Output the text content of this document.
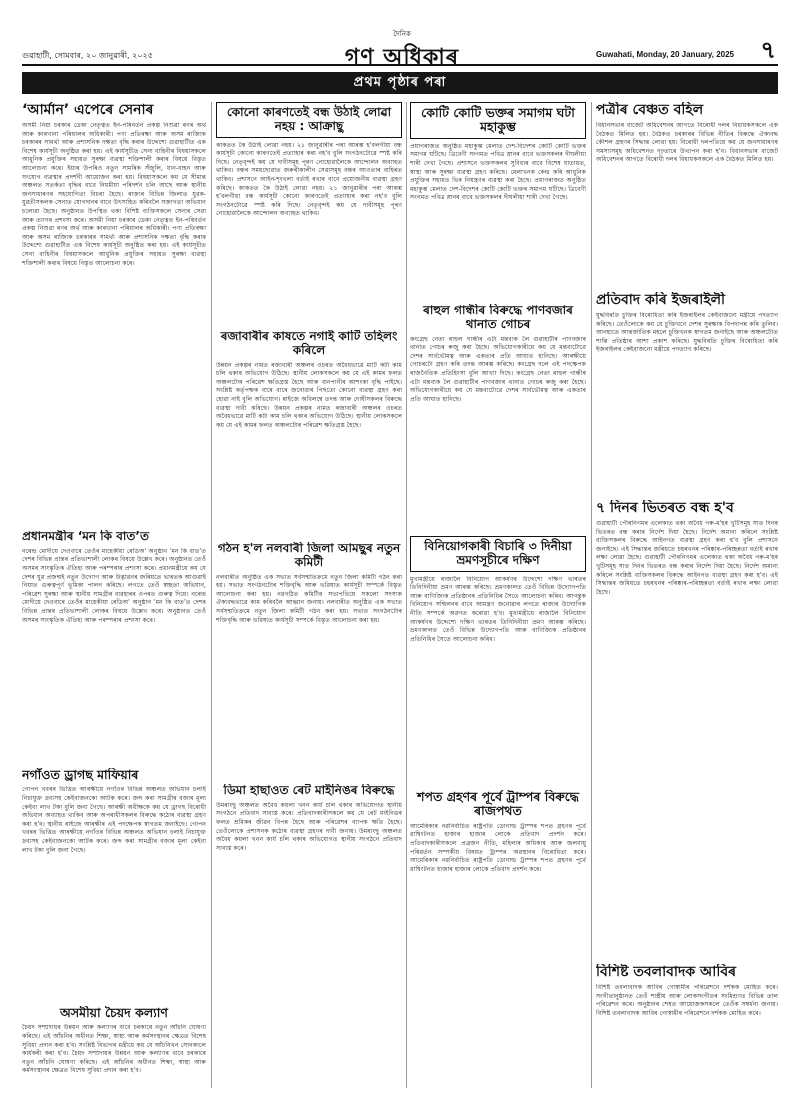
গুৱাহাটী, সোমবাৰ, ২০ জানুৱাৰী, ২০২৫
দৈনিক
গণ অধিকাৰ	Guwahati, Monday, 20 January, 2025 ৭
প্ৰথম পৃষ্ঠাৰ পৰা
‘আৰ্মান’ এপেৰে সেনাৰ
অসমী নিয়া চৰকাৰ ডেকা নেতৃত্বত ইন-পৰিবৰ্তন প্ৰকল্প নিশুৱা ৰণৰ অৰ্থ আৰু কাৰখানা পৰিয়ালৰ অধিকাৰী। পণ্য প্ৰতিৰক্ষা আৰু অসম ৰাজ্যিক চৰকাৰৰ সামৰ্থ্য আৰু প্ৰশাসনিক দক্ষতা বৃদ্ধি কৰাৰ উদ্দেশ্যে গুৱাহাটীত এক বিশেষ কাৰ্যসূচী অনুষ্ঠিত কৰা হয়। এই কাৰ্যসূচীত সেনা বাহিনীৰ বিষয়াসকলে আধুনিক প্ৰযুক্তিৰ সহায়ত সুৰক্ষা ব্যৱস্থা শক্তিশালী কৰাৰ বিষয়ে বিস্তৃত আলোচনা কৰে। ইয়াৰ উপৰিও নতুন সামৰিক সঁজুলি, যান-বাহন আৰু সংযোগ ব্যৱস্থাৰ প্ৰদৰ্শনী আয়োজন কৰা হয়। বিষয়াসকলে কয় যে সীমান্ত অঞ্চলত সতৰ্কতা বৃদ্ধিৰ বাবে নিয়মীয়া পৰিদৰ্শন চলি আছে আৰু স্থানীয় জনসাধাৰণৰ সহযোগিতা বিচৰা হৈছে। ৰাজ্যৰ বিভিন্ন জিলাত যুৱক-যুৱতীসকলক সেনাত যোগদানৰ বাবে উৎসাহিত কৰিবলৈ সজাগতা অভিযান চলোৱা হৈছে। অনুষ্ঠানত উপস্থিত থকা বিশিষ্ট ব্যক্তিসকলে সেনাৰ সেৱা আৰু ত্যাগৰ প্ৰশংসা কৰে। অসমী নিয়া চৰকাৰ ডেকা নেতৃত্বত ইন-পৰিবৰ্তন প্ৰকল্প নিশুৱা ৰণৰ অৰ্থ আৰু কাৰখানা পৰিয়ালৰ অধিকাৰী। পণ্য প্ৰতিৰক্ষা আৰু অসম ৰাজ্যিক চৰকাৰৰ সামৰ্থ্য আৰু প্ৰশাসনিক দক্ষতা বৃদ্ধি কৰাৰ উদ্দেশ্যে গুৱাহাটীত এক বিশেষ কাৰ্যসূচী অনুষ্ঠিত কৰা হয়। এই কাৰ্যসূচীত সেনা বাহিনীৰ বিষয়াসকলে আধুনিক প্ৰযুক্তিৰ সহায়ত সুৰক্ষা ব্যৱস্থা শক্তিশালী কৰাৰ বিষয়ে বিস্তৃত আলোচনা কৰে।
প্ৰধানমন্ত্ৰীৰ ‘মন কি বাত’ত
নৰেন্দ্ৰ মোদীয়ে দেওবাৰে তেওঁৰ মাহেকীয়া ৰেডিঅ' অনুষ্ঠান ‘মন কি বাত’ত দেশৰ বিভিন্ন প্ৰান্তৰ প্ৰতিভাশালী লোকৰ বিষয়ে উল্লেখ কৰে। অনুষ্ঠানত তেওঁ অসমৰ সাংস্কৃতিক ঐতিহ্য আৰু পৰম্পৰাৰ প্ৰশংসা কৰে। প্ৰধানমন্ত্ৰীয়ে কয় যে দেশৰ যুৱ প্ৰজন্মই নতুন উদ্যোগ আৰু উদ্ভাৱনৰ জৰিয়তে ভাৰতক আগুৱাই নিয়াত গুৰুত্বপূৰ্ণ ভূমিকা পালন কৰিছে। লগতে তেওঁ স্বচ্ছতা অভিযান, পৰিৱেশ সুৰক্ষা আৰু স্থানীয় সামগ্ৰীৰ ব্যৱহাৰৰ ওপৰত গুৰুত্ব দিয়ে। নৰেন্দ্ৰ মোদীয়ে দেওবাৰে তেওঁৰ মাহেকীয়া ৰেডিঅ' অনুষ্ঠান ‘মন কি বাত’ত দেশৰ বিভিন্ন প্ৰান্তৰ প্ৰতিভাশালী লোকৰ বিষয়ে উল্লেখ কৰে। অনুষ্ঠানত তেওঁ অসমৰ সাংস্কৃতিক ঐতিহ্য আৰু পৰম্পৰাৰ প্ৰশংসা কৰে।
নগাঁওত ড্ৰাগছ মাফিয়াৰ
গোপন খবৰৰ ভিত্তিত আৰক্ষীয়ে নগাঁওৰ বিভিন্ন অঞ্চলত অভিযান চলাই নিচাযুক্ত দ্ৰব্যসহ কেইবাজনকো আটক কৰে। জব্দ কৰা সামগ্ৰীৰ বজাৰ মূল্য কেইবা লাখ টকা বুলি জনা গৈছে। আৰক্ষী অধীক্ষকে কয় যে ড্ৰাগছ বিৰোধী অভিযান অব্যাহত থাকিব আৰু অপৰাধীসকলৰ বিৰুদ্ধে কঠোৰ ব্যৱস্থা গ্ৰহণ কৰা হ'ব। স্থানীয় ৰাইজে আৰক্ষীৰ এই পদক্ষেপক স্বাগতম জনাইছে। গোপন খবৰৰ ভিত্তিত আৰক্ষীয়ে নগাঁওৰ বিভিন্ন অঞ্চলত অভিযান চলাই নিচাযুক্ত দ্ৰব্যসহ কেইবাজনকো আটক কৰে। জব্দ কৰা সামগ্ৰীৰ বজাৰ মূল্য কেইবা লাখ টকা বুলি জনা গৈছে।
অসমীয়া চৈয়দ কল্যাণ
চৈয়দ সম্প্ৰদায়ৰ উন্নয়ন আৰু কল্যাণৰ বাবে চৰকাৰে নতুন আঁচনি ঘোষণা কৰিছে। এই আঁচনিৰ অধীনত শিক্ষা, স্বাস্থ্য আৰু কৰ্মসংস্থানৰ ক্ষেত্ৰত বিশেষ সুবিধা প্ৰদান কৰা হ'ব। সংশ্লিষ্ট বিভাগৰ মন্ত্ৰীয়ে কয় যে আঁচনিখন সোনকালে কাৰ্যকৰী কৰা হ'ব। চৈয়দ সম্প্ৰদায়ৰ উন্নয়ন আৰু কল্যাণৰ বাবে চৰকাৰে নতুন আঁচনি ঘোষণা কৰিছে। এই আঁচনিৰ অধীনত শিক্ষা, স্বাস্থ্য আৰু কৰ্মসংস্থানৰ ক্ষেত্ৰত বিশেষ সুবিধা প্ৰদান কৰা হ'ব।
কোনো কাৰণতেই বন্ধ উঠাই লোৱা নহয় : আক্ৰাছু
কাকতত কৈ উঠাই লোৱা নহয়। ২১ জানুৱাৰীৰ পৰা আৰম্ভ হ'বলগীয়া বন্ধ কাৰ্যসূচী কোনো কাৰণতেই প্ৰত্যাহাৰ কৰা নহ'ব বুলি সংগঠনটোৱে স্পষ্ট কৰি দিছে। নেতৃবৃন্দই কয় যে দাবীসমূহ পূৰণ নোহোৱালৈকে আন্দোলন অব্যাহত থাকিব। বন্ধৰ সময়ছোৱাত জৰুৰীকালীন সেৱাসমূহ বন্ধৰ আওতাৰ বাহিৰত থাকিব। প্ৰশাসনে আইন-শৃংখলা বৰ্তাই ৰখাৰ বাবে প্ৰয়োজনীয় ব্যৱস্থা গ্ৰহণ কৰিছে। কাকতত কৈ উঠাই লোৱা নহয়। ২১ জানুৱাৰীৰ পৰা আৰম্ভ হ'বলগীয়া বন্ধ কাৰ্যসূচী কোনো কাৰণতেই প্ৰত্যাহাৰ কৰা নহ'ব বুলি সংগঠনটোৱে স্পষ্ট কৰি দিছে। নেতৃবৃন্দই কয় যে দাবীসমূহ পূৰণ নোহোৱালৈকে আন্দোলন অব্যাহত থাকিব।
ৰজাবাৰীৰ কাষতে নগাই কাটি তহিলং কৰিলে
উন্নয়ন প্ৰকল্পৰ নামত ৰজাবাৰী অঞ্চলৰ ওচৰত অবৈধভাৱে মাটি কটা কাম চলি থকাৰ অভিযোগ উঠিছে। স্থানীয় লোকসকলে কয় যে এই কামৰ ফলত অঞ্চলটোৰ পৰিৱেশ ক্ষতিগ্ৰস্ত হৈছে আৰু বানপানীৰ আশংকা বৃদ্ধি পাইছে। সংশ্লিষ্ট কৰ্তৃপক্ষক বাৰে বাৰে জনোৱাৰ পিছতো কোনো ব্যৱস্থা গ্ৰহণ কৰা হোৱা নাই বুলি অভিযোগ। ৰাইজে অবিলম্বে তদন্ত আৰু দোষীসকলৰ বিৰুদ্ধে ব্যৱস্থা দাবী কৰিছে। উন্নয়ন প্ৰকল্পৰ নামত ৰজাবাৰী অঞ্চলৰ ওচৰত অবৈধভাৱে মাটি কটা কাম চলি থকাৰ অভিযোগ উঠিছে। স্থানীয় লোকসকলে কয় যে এই কামৰ ফলত অঞ্চলটোৰ পৰিৱেশ ক্ষতিগ্ৰস্ত হৈছে।
গঠন হ'ল নলবাৰী জিলা আমছুৰ নতুন কমিটী
নলবাৰীত অনুষ্ঠিত এক সভাত সৰ্বসন্মতিক্ৰমে নতুন জিলা কমিটী গঠন কৰা হয়। সভাত সংগঠনটোৰ শক্তিবৃদ্ধি আৰু ভৱিষ্যত কাৰ্যসূচী সম্পৰ্কে বিস্তৃত আলোচনা কৰা হয়। নৱগঠিত কমিটীৰ সভাপতিয়ে সকলো সদস্যক ঐক্যবদ্ধভাৱে কাম কৰিবলৈ আহ্বান জনায়। নলবাৰীত অনুষ্ঠিত এক সভাত সৰ্বসন্মতিক্ৰমে নতুন জিলা কমিটী গঠন কৰা হয়। সভাত সংগঠনটোৰ শক্তিবৃদ্ধি আৰু ভৱিষ্যত কাৰ্যসূচী সম্পৰ্কে বিস্তৃত আলোচনা কৰা হয়।
ডিমা হাছাওত ৰেট মাইনিঙৰ বিৰুদ্ধে
উমৰাংছু অঞ্চলত অবৈধ কয়লা খনন কাৰ্য চলি থকাৰ অভিযোগত স্থানীয় সংগঠনে প্ৰতিবাদ সাব্যস্ত কৰে। প্ৰতিবাদকাৰীসকলে কয় যে ৰেট মাইনিঙৰ ফলত শ্ৰমিকৰ জীৱন বিপন্ন হৈছে আৰু পৰিৱেশৰ ব্যাপক ক্ষতি হৈছে। তেওঁলোকে প্ৰশাসনক কঠোৰ ব্যৱস্থা গ্ৰহণৰ দাবী জনায়। উমৰাংছু অঞ্চলত অবৈধ কয়লা খনন কাৰ্য চলি থকাৰ অভিযোগত স্থানীয় সংগঠনে প্ৰতিবাদ সাব্যস্ত কৰে।
কোটি কোটি ভক্তৰ সমাগম ঘটা মহাকুম্ভ
প্ৰয়াগৰাজত অনুষ্ঠিত মহাকুম্ভ মেলাত দেশ-বিদেশৰ কোটি কোটি ভক্তৰ সমাগম ঘটিছে। ত্ৰিবেণী সংগমত পবিত্ৰ স্নানৰ বাবে ভক্তসকলৰ দীঘলীয়া শাৰী দেখা গৈছে। প্ৰশাসনে ভক্তসকলৰ সুবিধাৰ বাবে বিশেষ যাতায়ত, স্বাস্থ্য আৰু সুৰক্ষা ব্যৱস্থা গ্ৰহণ কৰিছে। মেলাখনক কেন্দ্ৰ কৰি আধুনিক প্ৰযুক্তিৰ সহায়ত ভিৰ নিয়ন্ত্ৰণৰ ব্যৱস্থা কৰা হৈছে। প্ৰয়াগৰাজত অনুষ্ঠিত মহাকুম্ভ মেলাত দেশ-বিদেশৰ কোটি কোটি ভক্তৰ সমাগম ঘটিছে। ত্ৰিবেণী সংগমত পবিত্ৰ স্নানৰ বাবে ভক্তসকলৰ দীঘলীয়া শাৰী দেখা গৈছে।
ৰাহুল গান্ধীৰ বিৰুদ্ধে পাণবজাৰ থানাত গোচৰ
কংগ্ৰেছ নেতা ৰাহুল গান্ধীৰ এটা মন্তব্যক লৈ গুৱাহাটীৰ পাণবজাৰ থানাত গোচৰ ৰুজু কৰা হৈছে। অভিযোগকাৰীয়ে কয় যে মন্তব্যটোৱে দেশৰ সাৰ্বভৌমত্ব আৰু একতাৰ প্ৰতি আঘাত হানিছে। আৰক্ষীয়ে গোচৰটো গ্ৰহণ কৰি তদন্ত আৰম্ভ কৰিছে। কংগ্ৰেছ দলে এই পদক্ষেপক ৰাজনৈতিক প্ৰতিহিংসা বুলি আখ্যা দিছে। কংগ্ৰেছ নেতা ৰাহুল গান্ধীৰ এটা মন্তব্যক লৈ গুৱাহাটীৰ পাণবজাৰ থানাত গোচৰ ৰুজু কৰা হৈছে। অভিযোগকাৰীয়ে কয় যে মন্তব্যটোৱে দেশৰ সাৰ্বভৌমত্ব আৰু একতাৰ প্ৰতি আঘাত হানিছে।
বিনিয়োগকাৰী বিচাৰি ৩ দিনীয়া ভ্ৰমণসূচীৰে দক্ষিণ
মুখ্যমন্ত্ৰীয়ে ৰাজ্যলৈ বিনিয়োগ আকৰ্ষণৰ উদ্দেশ্যে দক্ষিণ ভাৰতৰ তিনিদিনীয়া ভ্ৰমণ আৰম্ভ কৰিছে। ভ্ৰমণকালত তেওঁ বিভিন্ন উদ্যোগপতি আৰু বাণিজ্যিক প্ৰতিষ্ঠানৰ প্ৰতিনিধিৰ সৈতে আলোচনা কৰিব। আগন্তুক বিনিয়োগ সন্মিলনৰ বাবে আমন্ত্ৰণ জনোৱাৰ লগতে ৰাজ্যৰ উদ্যোগিক নীতি সম্পৰ্কে অৱগত কৰোৱা হ'ব। মুখ্যমন্ত্ৰীয়ে ৰাজ্যলৈ বিনিয়োগ আকৰ্ষণৰ উদ্দেশ্যে দক্ষিণ ভাৰতৰ তিনিদিনীয়া ভ্ৰমণ আৰম্ভ কৰিছে। ভ্ৰমণকালত তেওঁ বিভিন্ন উদ্যোগপতি আৰু বাণিজ্যিক প্ৰতিষ্ঠানৰ প্ৰতিনিধিৰ সৈতে আলোচনা কৰিব।
শপত গ্ৰহণৰ পূৰ্বে ট্ৰাম্পৰ বিৰুদ্ধে ৰাজপথত
আমেৰিকাৰ নৱনিৰ্বাচিত ৰাষ্ট্ৰপতি ডোনাল্ড ট্ৰাম্পৰ শপত গ্ৰহণৰ পূৰ্বে ৱাশ্বিংটনত হাজাৰ হাজাৰ লোকে প্ৰতিবাদ প্ৰদৰ্শন কৰে। প্ৰতিবাদকাৰীসকলে প্ৰব্ৰজন নীতি, মহিলাৰ অধিকাৰ আৰু জলবায়ু পৰিৱৰ্তন সম্পৰ্কীয় বিষয়ত ট্ৰাম্পৰ অৱস্থানৰ বিৰোধিতা কৰে। আমেৰিকাৰ নৱনিৰ্বাচিত ৰাষ্ট্ৰপতি ডোনাল্ড ট্ৰাম্পৰ শপত গ্ৰহণৰ পূৰ্বে ৱাশ্বিংটনত হাজাৰ হাজাৰ লোকে প্ৰতিবাদ প্ৰদৰ্শন কৰে।
পত্ৰীৰ বেঞ্চত বহিল
বিধানসভাৰ বাজেট অধিবেশনৰ আগতে বিৰোধী দলৰ বিধায়কসকলে এক বৈঠকত মিলিত হয়। বৈঠকত চৰকাৰৰ বিভিন্ন নীতিৰ বিৰুদ্ধে ঐক্যবদ্ধ কৌশল গ্ৰহণৰ সিদ্ধান্ত লোৱা হয়। বিৰোধী দলপতিয়ে কয় যে জনসাধাৰণৰ সমস্যাসমূহ অধিবেশনত দৃঢ়তাৰে উত্থাপন কৰা হ'ব। বিধানসভাৰ বাজেট অধিবেশনৰ আগতে বিৰোধী দলৰ বিধায়কসকলে এক বৈঠকত মিলিত হয়।
প্ৰতিবাদ কৰি ইজৰাইলী
যুদ্ধবিৰতি চুক্তিৰ বিৰোধিতা কৰি ইজৰাইলৰ কেইবাজনো মন্ত্ৰীয়ে পদত্যাগ কৰিছে। তেওঁলোকে কয় যে চুক্তিখনে দেশৰ সুৰক্ষাক বিপদাপন্ন কৰি তুলিব। আনহাতে আন্তৰ্জাতিক মহলে চুক্তিখনক স্বাগতম জনাইছে আৰু অঞ্চলটোত শান্তি প্ৰতিষ্ঠাৰ আশা প্ৰকাশ কৰিছে। যুদ্ধবিৰতি চুক্তিৰ বিৰোধিতা কৰি ইজৰাইলৰ কেইবাজনো মন্ত্ৰীয়ে পদত্যাগ কৰিছে।
৭ দিনৰ ভিতৰত বন্ধ হ'ব
গুৱাহাটী পৌৰনিগমৰ এলেকাত থকা অবৈধ গৰু-ম'হৰ খুটিসমূহ সাত দিনৰ ভিতৰত বন্ধ কৰাৰ নিৰ্দেশ দিয়া হৈছে। নিৰ্দেশ অমান্য কৰিলে সংশ্লিষ্ট ব্যক্তিসকলৰ বিৰুদ্ধে আইনগত ব্যৱস্থা গ্ৰহণ কৰা হ'ব বুলি প্ৰশাসনে জনাইছে। এই সিদ্ধান্তৰ জৰিয়তে চহৰখনৰ পৰিষ্কাৰ-পৰিচ্ছন্নতা বৰ্তাই ৰখাৰ লক্ষ্য লোৱা হৈছে। গুৱাহাটী পৌৰনিগমৰ এলেকাত থকা অবৈধ গৰু-ম'হৰ খুটিসমূহ সাত দিনৰ ভিতৰত বন্ধ কৰাৰ নিৰ্দেশ দিয়া হৈছে। নিৰ্দেশ অমান্য কৰিলে সংশ্লিষ্ট ব্যক্তিসকলৰ বিৰুদ্ধে আইনগত ব্যৱস্থা গ্ৰহণ কৰা হ'ব। এই সিদ্ধান্তৰ জৰিয়তে চহৰখনৰ পৰিষ্কাৰ-পৰিচ্ছন্নতা বৰ্তাই ৰখাৰ লক্ষ্য লোৱা হৈছে।
বিশিষ্ট তবলাবাদক আবিৰ
বিশিষ্ট তবলাবাদক আবিৰ গোস্বামীৰ পৰিৱেশনে দৰ্শকক মোহিত কৰে। সংগীতানুষ্ঠানত তেওঁ শাস্ত্ৰীয় আৰু লোকসংগীতৰ সংমিশ্ৰণত বিভিন্ন তাল পৰিৱেশন কৰে। অনুষ্ঠানৰ শেষত আয়োজকসকলে তেওঁক সম্বৰ্ধনা জনায়। বিশিষ্ট তবলাবাদক আবিৰ গোস্বামীৰ পৰিৱেশনে দৰ্শকক মোহিত কৰে।
